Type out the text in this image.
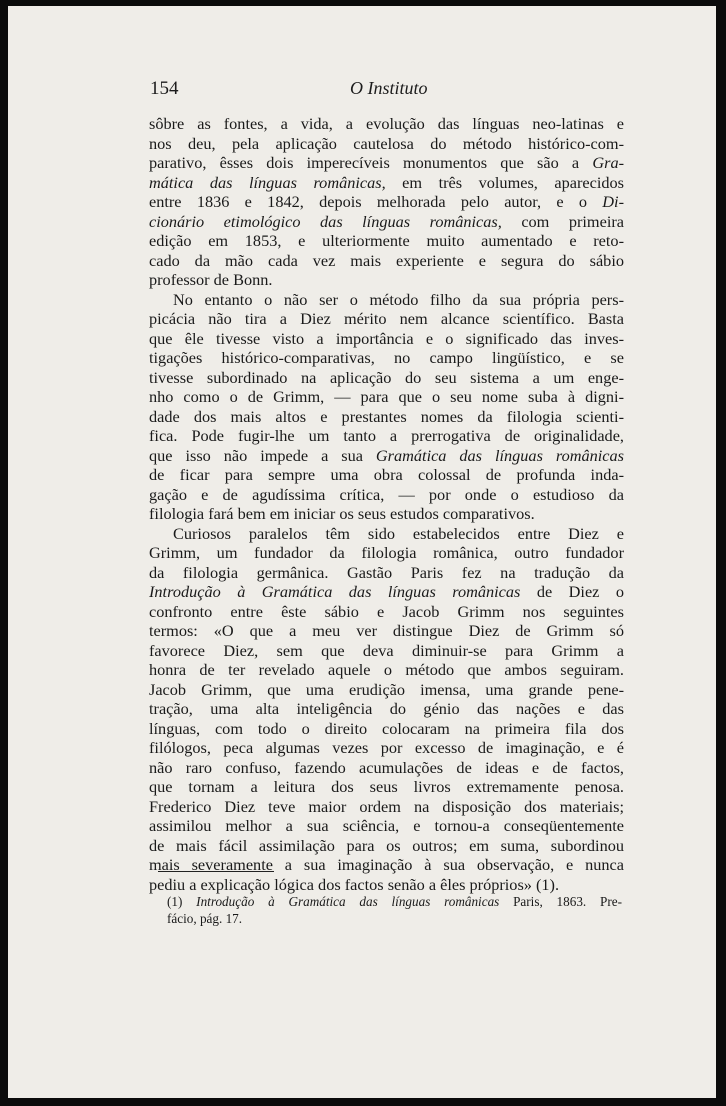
154	O Instituto
sôbre as fontes, a vida, a evolução das línguas neo-latinas e
nos deu, pela aplicação cautelosa do método histórico-com-
parativo, êsses dois imperecíveis monumentos que são a Gra-
mática das línguas românicas, em três volumes, aparecidos
entre 1836 e 1842, depois melhorada pelo autor, e o Di-
cionário etimológico das línguas românicas, com primeira
edição em 1853, e ulteriormente muito aumentado e reto-
cado da mão cada vez mais experiente e segura do sábio
professor de Bonn.
No entanto o não ser o método filho da sua própria pers-
picácia não tira a Diez mérito nem alcance scientífico. Basta
que êle tivesse visto a importância e o significado das inves-
tigações histórico-comparativas, no campo lingüístico, e se
tivesse subordinado na aplicação do seu sistema a um enge-
nho como o de Grimm, — para que o seu nome suba à digni-
dade dos mais altos e prestantes nomes da filologia scienti-
fica. Pode fugir-lhe um tanto a prerrogativa de originalidade,
que isso não impede a sua Gramática das línguas românicas
de ficar para sempre uma obra colossal de profunda inda-
gação e de agudíssima crítica, — por onde o estudioso da
filologia fará bem em iniciar os seus estudos comparativos.
Curiosos paralelos têm sido estabelecidos entre Diez e
Grimm, um fundador da filologia românica, outro fundador
da filologia germânica. Gastão Paris fez na tradução da
Introdução à Gramática das línguas românicas de Diez o
confronto entre êste sábio e Jacob Grimm nos seguintes
termos: «O que a meu ver distingue Diez de Grimm só
favorece Diez, sem que deva diminuir-se para Grimm a
honra de ter revelado aquele o método que ambos seguiram.
Jacob Grimm, que uma erudição imensa, uma grande pene-
tração, uma alta inteligência do génio das nações e das
línguas, com todo o direito colocaram na primeira fila dos
filólogos, peca algumas vezes por excesso de imaginação, e é
não raro confuso, fazendo acumulações de ideas e de factos,
que tornam a leitura dos seus livros extremamente penosa.
Frederico Diez teve maior ordem na disposição dos materiais;
assimilou melhor a sua sciência, e tornou-a conseqüentemente
de mais fácil assimilação para os outros; em suma, subordinou
mais severamente a sua imaginação à sua observação, e nunca
pediu a explicação lógica dos factos senão a êles próprios» (1).
(1) Introdução à Gramática das línguas românicas Paris, 1863. Pre-
fácio, pág. 17.
